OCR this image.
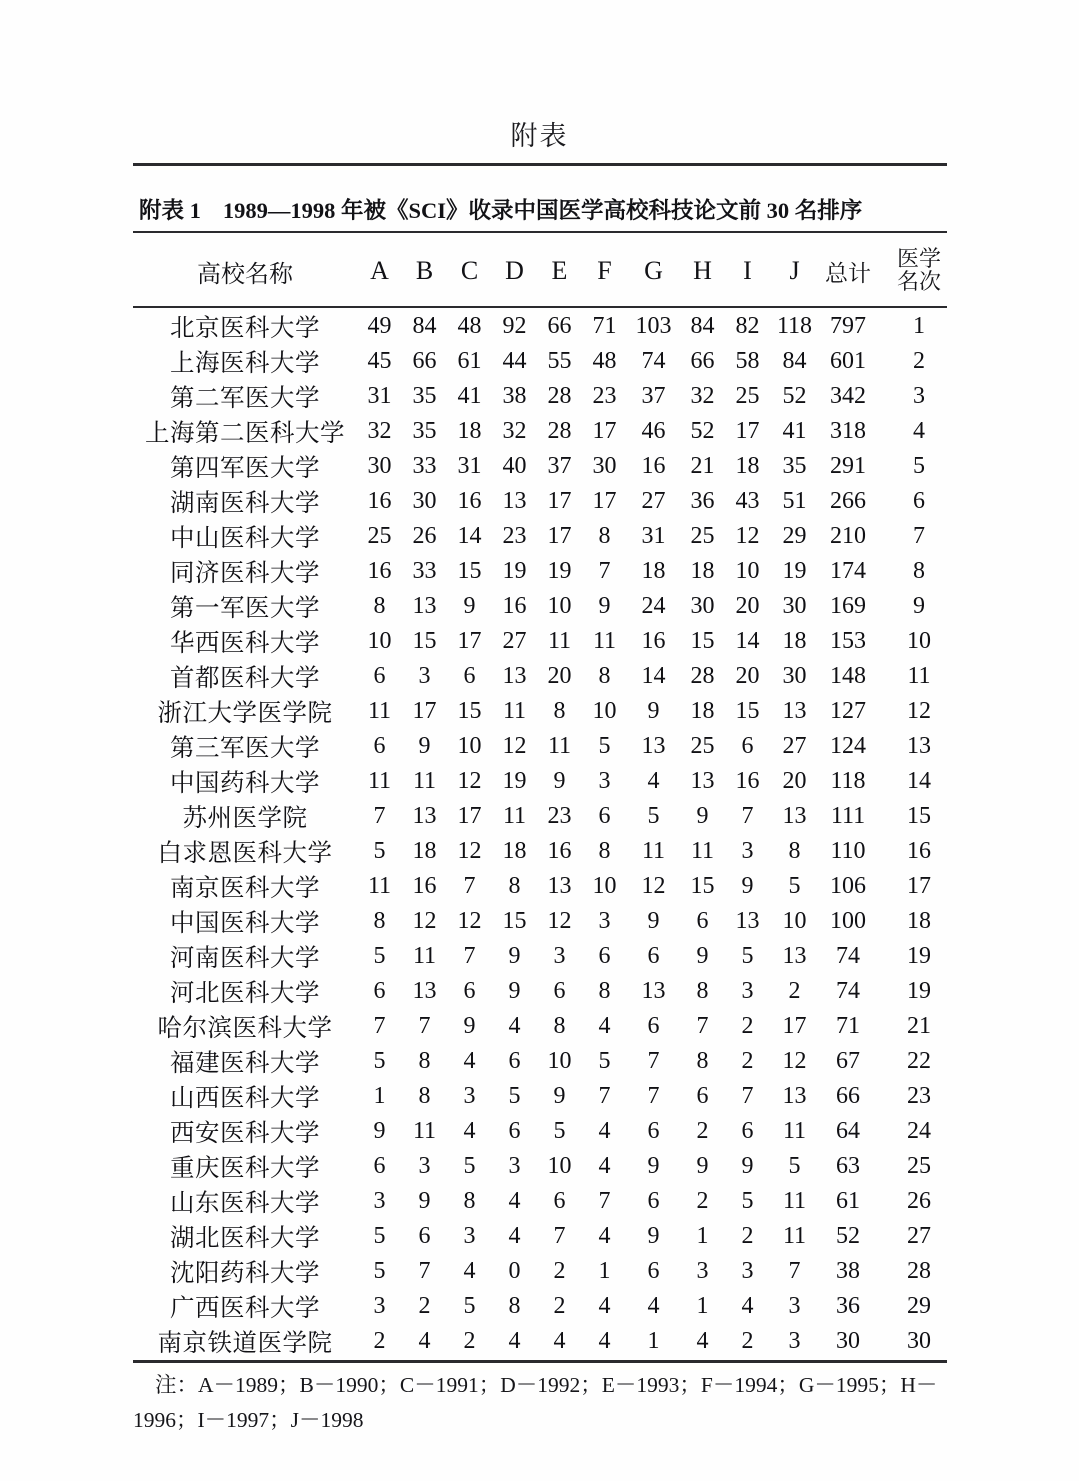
附表
附表 1 1989—1998 年被《SCI》收录中国医学高校科技论文前 30 名排序
高校名称	A	B	C	D	E	F	G	H	I	J	总计	医学
名次

北京医科大学	49	84	48	92	66	71	103	84	82	118	797	1
上海医科大学	45	66	61	44	55	48	74	66	58	84	601	2
第二军医大学	31	35	41	38	28	23	37	32	25	52	342	3
上海第二医科大学	32	35	18	32	28	17	46	52	17	41	318	4
第四军医大学	30	33	31	40	37	30	16	21	18	35	291	5
湖南医科大学	16	30	16	13	17	17	27	36	43	51	266	6
中山医科大学	25	26	14	23	17	8	31	25	12	29	210	7
同济医科大学	16	33	15	19	19	7	18	18	10	19	174	8
第一军医大学	8	13	9	16	10	9	24	30	20	30	169	9
华西医科大学	10	15	17	27	11	11	16	15	14	18	153	10
首都医科大学	6	3	6	13	20	8	14	28	20	30	148	11
浙江大学医学院	11	17	15	11	8	10	9	18	15	13	127	12
第三军医大学	6	9	10	12	11	5	13	25	6	27	124	13
中国药科大学	11	11	12	19	9	3	4	13	16	20	118	14
苏州医学院	7	13	17	11	23	6	5	9	7	13	111	15
白求恩医科大学	5	18	12	18	16	8	11	11	3	8	110	16
南京医科大学	11	16	7	8	13	10	12	15	9	5	106	17
中国医科大学	8	12	12	15	12	3	9	6	13	10	100	18
河南医科大学	5	11	7	9	3	6	6	9	5	13	74	19
河北医科大学	6	13	6	9	6	8	13	8	3	2	74	19
哈尔滨医科大学	7	7	9	4	8	4	6	7	2	17	71	21
福建医科大学	5	8	4	6	10	5	7	8	2	12	67	22
山西医科大学	1	8	3	5	9	7	7	6	7	13	66	23
西安医科大学	9	11	4	6	5	4	6	2	6	11	64	24
重庆医科大学	6	3	5	3	10	4	9	9	9	5	63	25
山东医科大学	3	9	8	4	6	7	6	2	5	11	61	26
湖北医科大学	5	6	3	4	7	4	9	1	2	11	52	27
沈阳药科大学	5	7	4	0	2	1	6	3	3	7	38	28
广西医科大学	3	2	5	8	2	4	4	1	4	3	36	29
南京铁道医学院	2	4	2	4	4	4	1	4	2	3	30	30
注：A－1989；B－1990；C－1991；D－1992；E－1993；F－1994；G－1995；H－
1996；I－1997；J－1998
